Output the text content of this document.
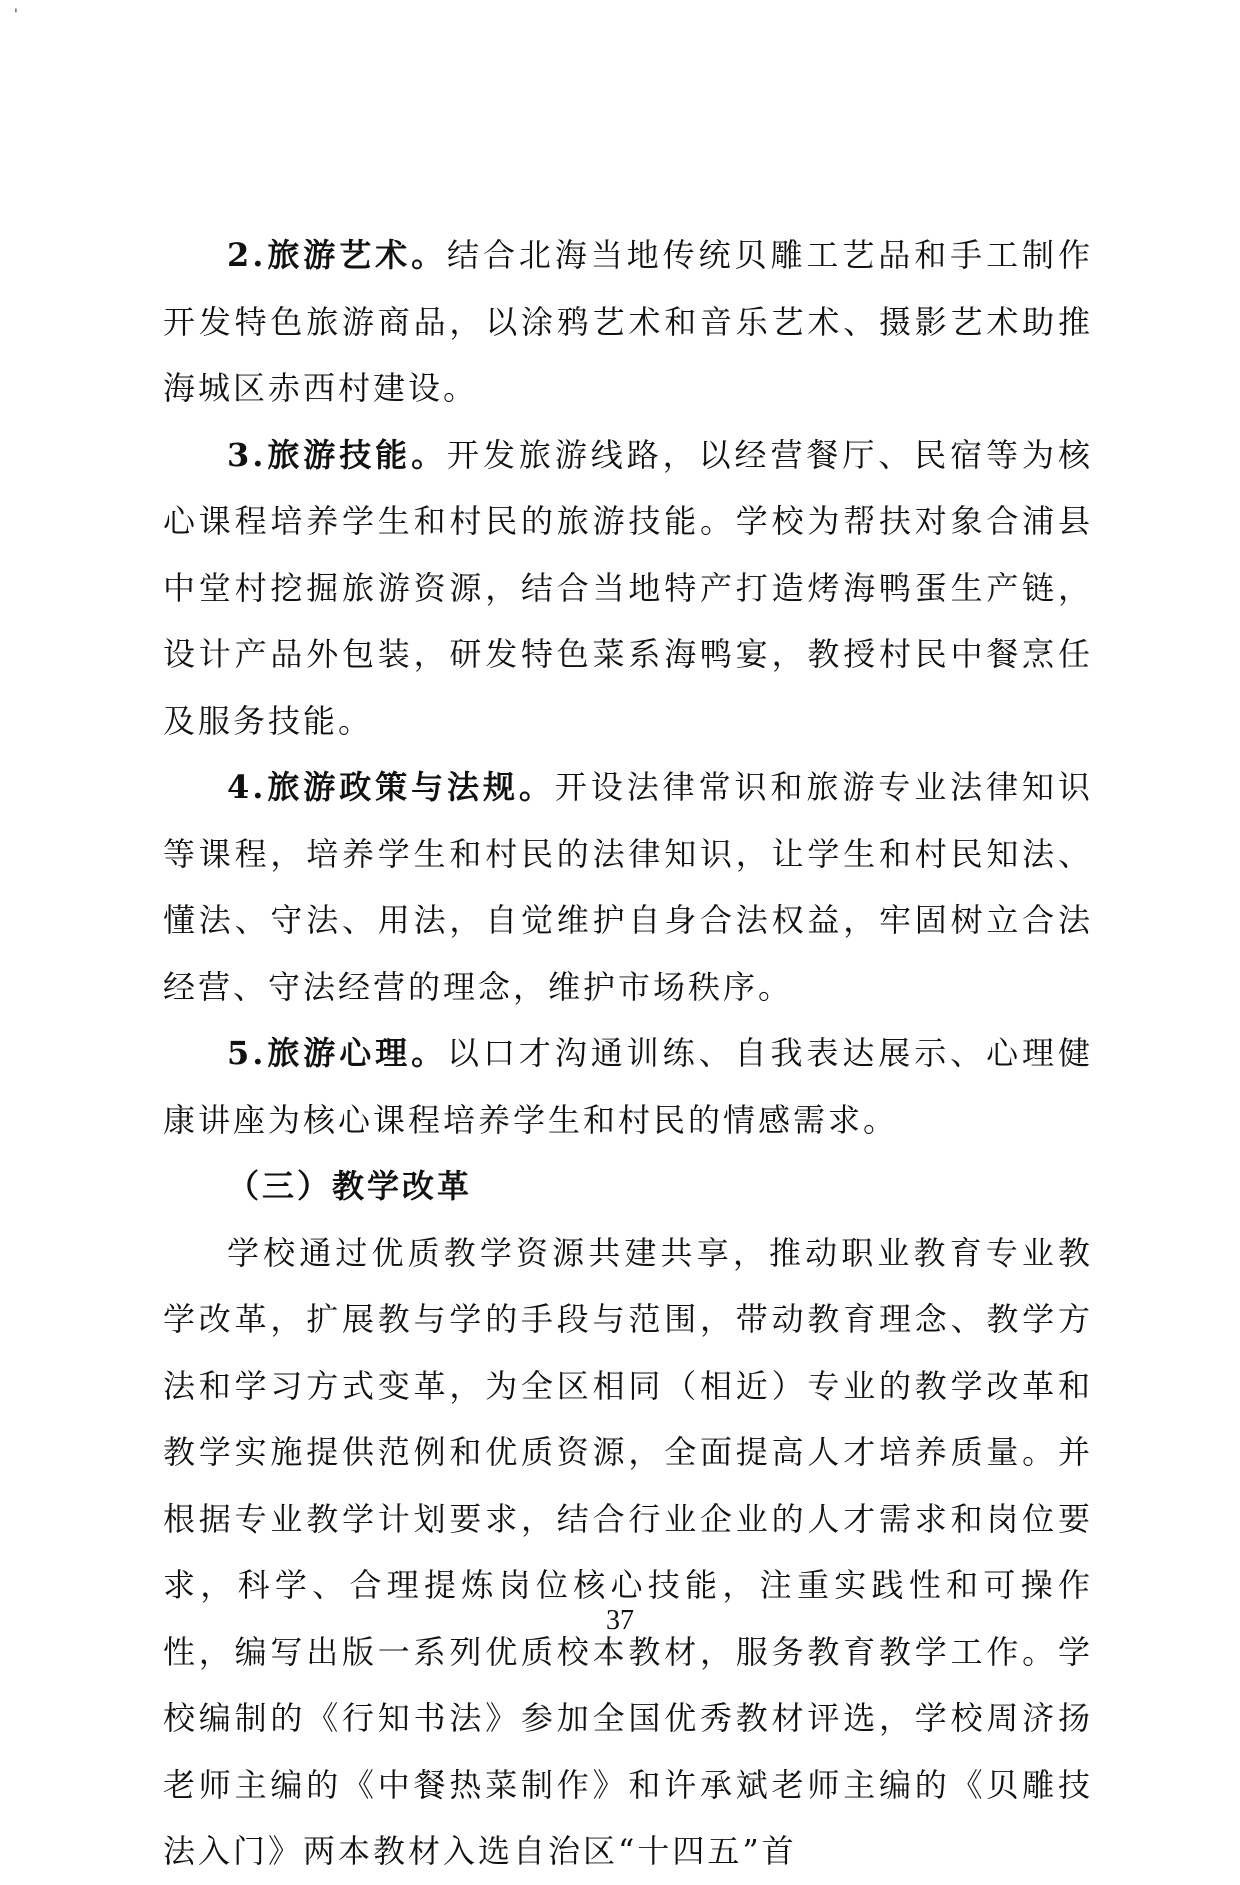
'

2.旅游艺术。结合北海当地传统贝雕工艺品和手工制作开发特色旅游商品，以涂鸦艺术和音乐艺术、摄影艺术助推海城区赤西村建设。

3.旅游技能。开发旅游线路，以经营餐厅、民宿等为核心课程培养学生和村民的旅游技能。学校为帮扶对象合浦县中堂村挖掘旅游资源，结合当地特产打造烤海鸭蛋生产链，设计产品外包装，研发特色菜系海鸭宴，教授村民中餐烹任及服务技能。

4.旅游政策与法规。开设法律常识和旅游专业法律知识等课程，培养学生和村民的法律知识，让学生和村民知法、懂法、守法、用法，自觉维护自身合法权益，牢固树立合法经营、守法经营的理念，维护市场秩序。

5.旅游心理。以口才沟通训练、自我表达展示、心理健康讲座为核心课程培养学生和村民的情感需求。

（三）教学改革

学校通过优质教学资源共建共享，推动职业教育专业教学改革，扩展教与学的手段与范围，带动教育理念、教学方法和学习方式变革，为全区相同（相近）专业的教学改革和教学实施提供范例和优质资源，全面提高人才培养质量。并根据专业教学计划要求，结合行业企业的人才需求和岗位要求，科学、合理提炼岗位核心技能，注重实践性和可操作性，编写出版一系列优质校本教材，服务教育教学工作。学校编制的《行知书法》参加全国优秀教材评选，学校周济扬老师主编的《中餐热菜制作》和许承斌老师主编的《贝雕技法入门》两本教材入选自治区“十四五”首

37
